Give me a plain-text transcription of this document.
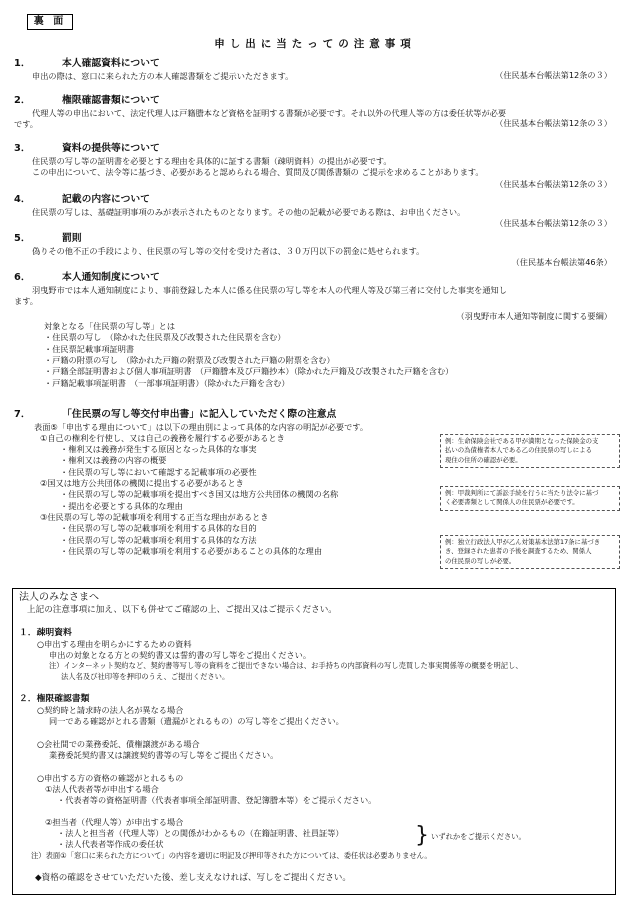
裏 面
申し出に当たっての注意事項
1．	本人確認資料について
申出の際は、窓口に来られた方の本人確認書類をご提示いただきます。	（住民基本台帳法第12条の３）
2．	権限確認書類について
代理人等の申出において、法定代理人は戸籍謄本など資格を証明する書類が必要です。それ以外の代理人等の方は委任状等が必要
です。	（住民基本台帳法第12条の３）
3．	資料の提供等について
住民票の写し等の証明書を必要とする理由を具体的に証する書類（疎明資料）の提出が必要です。
この申出について、法令等に基づき、必要があると認められる場合、質問及び関係書類の ご提示を求めることがあります。
（住民基本台帳法第12条の３）
4．	記載の内容について
住民票の写しは、基礎証明事項のみが表示されたものとなります。その他の記載が必要である際は、お申出ください。
（住民基本台帳法第12条の３）
5．	罰則
偽りその他不正の手段により、住民票の写し等の交付を受けた者は、３０万円以下の罰金に処せられます。
（住民基本台帳法第46条）
6．	本人通知制度について
羽曳野市では本人通知制度により、事前登録した本人に係る住民票の写し等を本人の代理人等及び第三者に交付した事実を通知し
ます。
（羽曳野市本人通知等制度に関する要綱）
対象となる「住民票の写し等」とは
・住民票の写し　（除かれた住民票及び改製された住民票を含む）
・住民票記載事項証明書
・戸籍の附票の写し　（除かれた戸籍の附票及び改製された戸籍の附票を含む）
・戸籍全部証明書および個人事項証明書　（戸籍謄本及び戸籍抄本）（除かれた戸籍及び改製された戸籍を含む）
・戸籍記載事項証明書　（一部事項証明書）（除かれた戸籍を含む）
7．	「住民票の写し等交付申出書」に記入していただく際の注意点
表面⑤「申出する理由について」は以下の理由別によって具体的な内容の明記が必要です。
①自己の権利を行使し、又は自己の義務を履行する必要があるとき
・権利又は義務が発生する原因となった具体的な事実
・権利又は義務の内容の概要
・住民票の写し等において確認する記載事項の必要性
②国又は地方公共団体の機関に提出する必要があるとき
・住民票の写し等の記載事項を提出すべき国又は地方公共団体の機関の名称
・提出を必要とする具体的な理由
③住民票の写し等の記載事項を利用する正当な理由があるとき
・住民票の写し等の記載事項を利用する具体的な目的
・住民票の写し等の記載事項を利用する具体的な方法
・住民票の写し等の記載事項を利用する必要があることの具体的な理由
例：生命保険会社である甲が満期となった保険金の支
払いの為債権者本人である乙の住民票の写しによる
現住の住所の確認が必要。
例：甲裁判所にて訴訟手続を行うに当たり法令に基づ
く必要書類として関係人の住民票が必要です。
例：独立行政法人甲が乙ん対策基本法第17条に基づき
き、登録された患者の予後を調査するため、関係人
の住民票の写しが必要。
法人のみなさまへ
上記の注意事項に加え、以下も併せてご確認の上、ご提出又はご提示ください。
１．疎明資料
○申出する理由を明らかにするための資料
申出の対象となる方との契約書又は誓約書の写し等をご提出ください。
注）インターネット契約など、契約書等写し等の資料をご提出できない場合は、お手持ちの内部資料の写し売買した事実関係等の概要を明記し、
法人名及び社印等を押印のうえ、ご提出ください。
２．権限確認書類
○契約時と請求時の法人名が異なる場合
同一である確認がとれる書類（遺漏がとれるもの）の写し等をご提出ください。
○会社間での業務委託、債権譲渡がある場合
業務委託契約書又は譲渡契約書等の写し等をご提出ください。
○申出する方の資格の確認がとれるもの
①法人代表者等が申出する場合
・代表者等の資格証明書（代表者事項全部証明書、登記簿謄本等）をご提示ください。
②担当者（代理人等）が申出する場合
・法人と担当者（代理人等）との関係がわかるもの（在籍証明書、社員証等）
・法人代表者等作成の委任状	} いずれかをご提示ください。
注）表面①「窓口に来られた方について」の内容を適切に明記及び押印等された方については、委任状は必要ありません。
◆資格の確認をさせていただいた後、差し支えなければ、写しをご提出ください。
